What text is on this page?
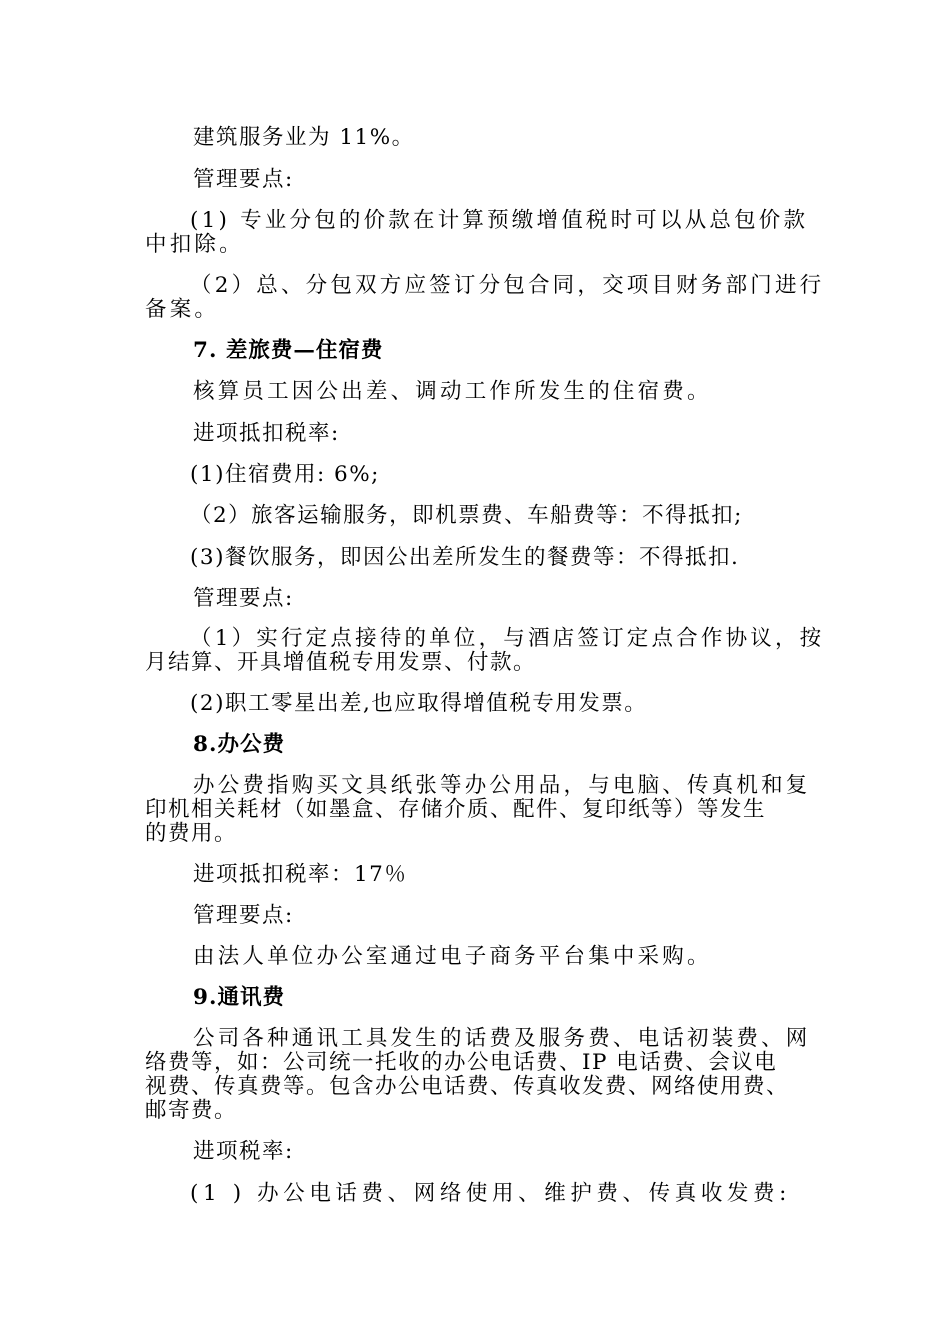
建筑服务业为 11%。
管理要点:
(1) 专业分包的价款在计算预缴增值税时可以从总包价款
中扣除。
（2）总、分包双方应签订分包合同，交项目财务部门进行
备案。
7. 差旅费—住宿费
核算员工因公出差、调动工作所发生的住宿费。
进项抵扣税率:
(1)住宿费用: 6%;
（2）旅客运输服务，即机票费、车船费等：不得抵扣;
(3)餐饮服务，即因公出差所发生的餐费等：不得抵扣.
管理要点:
（1）实行定点接待的单位，与酒店签订定点合作协议，按
月结算、开具增值税专用发票、付款。
(2)职工零星出差,也应取得增值税专用发票。
8.办公费
办公费指购买文具纸张等办公用品，与电脑、传真机和复
印机相关耗材（如墨盒、存储介质、配件、复印纸等）等发生
的费用。
进项抵扣税率：17％
管理要点:
由法人单位办公室通过电子商务平台集中采购。
9.通讯费
公司各种通讯工具发生的话费及服务费、电话初装费、网
络费等，如：公司统一托收的办公电话费、IP 电话费、会议电
视费、传真费等。包含办公电话费、传真收发费、网络使用费、
邮寄费。
进项税率:
(1 ) 办公电话费、网络使用、维护费、传真收发费:
